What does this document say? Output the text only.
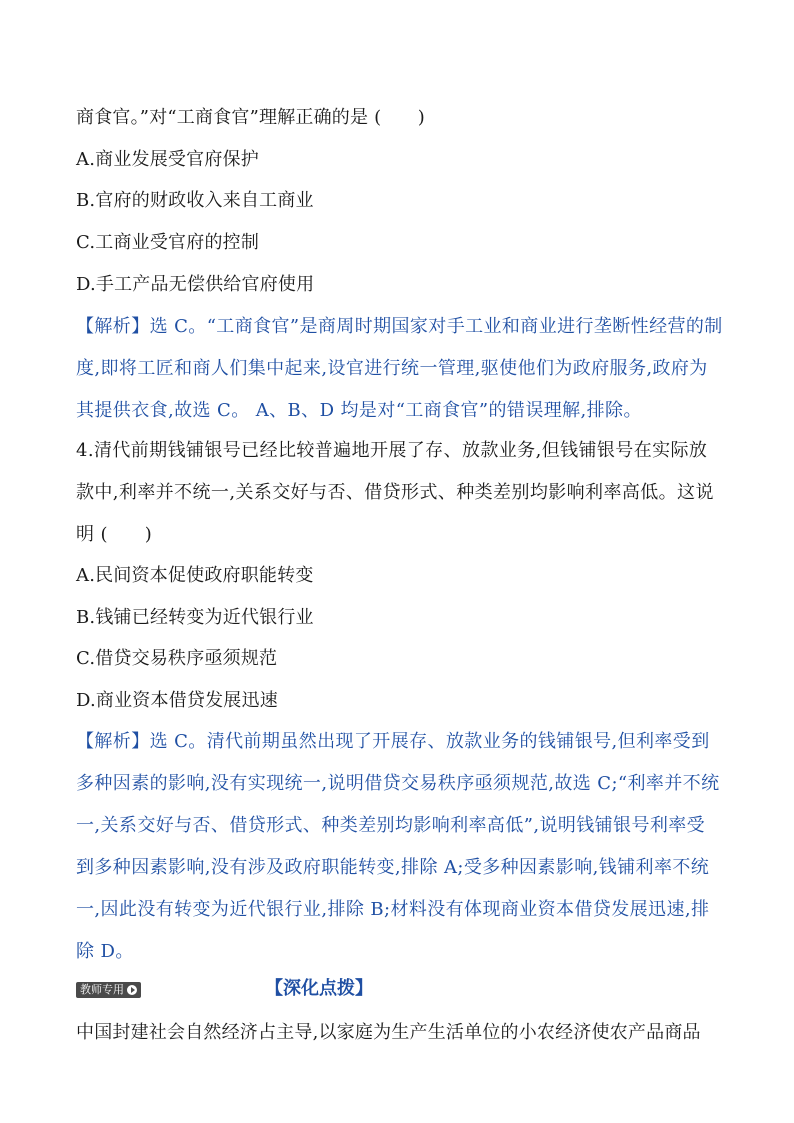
商食官。”对“工商食官”理解正确的是 (　　)
A.商业发展受官府保护
B.官府的财政收入来自工商业
C.工商业受官府的控制
D.手工产品无偿供给官府使用
【解析】选 C。“工商食官”是商周时期国家对手工业和商业进行垄断性经营的制
度,即将工匠和商人们集中起来,设官进行统一管理,驱使他们为政府服务,政府为
其提供衣食,故选 C。 A、B、D 均是对“工商食官”的错误理解,排除。
4.清代前期钱铺银号已经比较普遍地开展了存、放款业务,但钱铺银号在实际放
款中,利率并不统一,关系交好与否、借贷形式、种类差别均影响利率高低。这说
明 (　　)
A.民间资本促使政府职能转变
B.钱铺已经转变为近代银行业
C.借贷交易秩序亟须规范
D.商业资本借贷发展迅速
【解析】选 C。清代前期虽然出现了开展存、放款业务的钱铺银号,但利率受到
多种因素的影响,没有实现统一,说明借贷交易秩序亟须规范,故选 C;“利率并不统
一,关系交好与否、借贷形式、种类差别均影响利率高低”,说明钱铺银号利率受
到多种因素影响,没有涉及政府职能转变,排除 A;受多种因素影响,钱铺利率不统
一,因此没有转变为近代银行业,排除 B;材料没有体现商业资本借贷发展迅速,排
除 D。
教师专用	【深化点拨】
中国封建社会自然经济占主导,以家庭为生产生活单位的小农经济使农产品商品
